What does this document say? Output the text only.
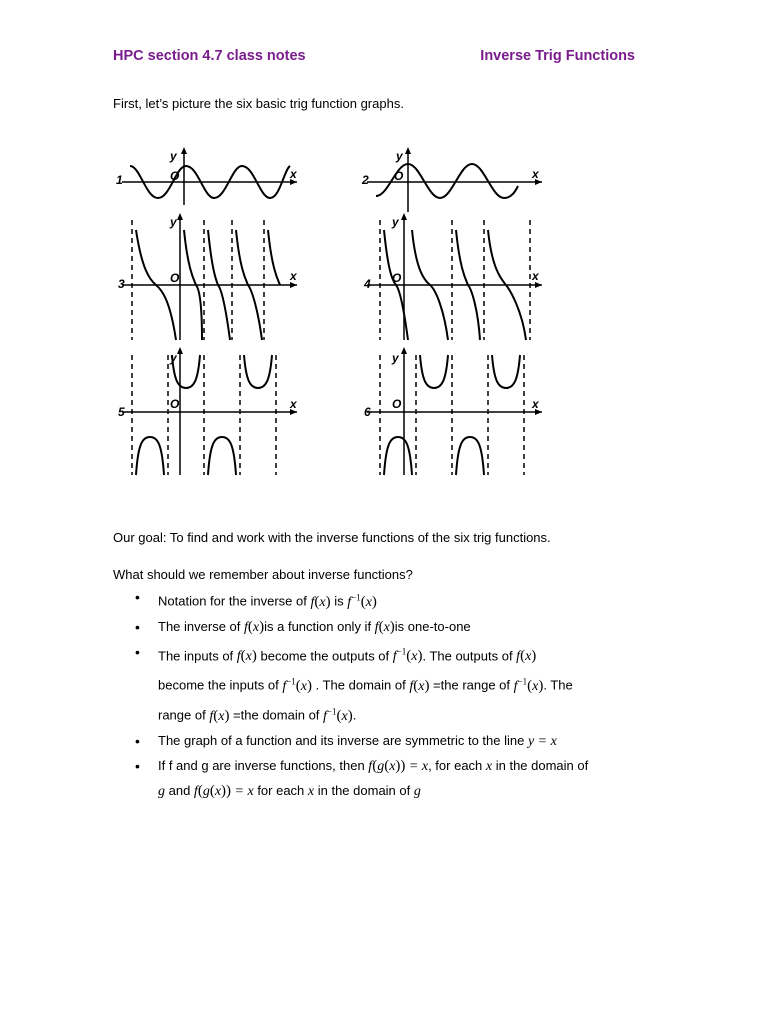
HPC section 4.7 class notes	Inverse Trig Functions
First, let’s picture the six basic trig function graphs.
1
y
O	x	2
y
O	x
3
y
O	x
4
y
O	x
5
y
O	x
6
y
O	x
Our goal: To find and work with the inverse functions of the six trig functions.
What should we remember about inverse functions?
• Notation for the inverse of f(x) is $f^{-1}(x)$
• The inverse of f(x)is a function only if f(x)is one-to-one
• The inputs of f(x) become the outputs of $f^{-1}(x)$. The outputs of f(x)
become the inputs of $f^{-1}(x)$ . The domain of f(x) =the range of $f^{-1}(x)$. The
range of f(x) =the domain of $f^{-1}(x)$.
• The graph of a function and its inverse are symmetric to the line y = x
• If f and g are inverse functions, then f(g(x)) = x, for each x in the domain of
g and f(g(x)) = x for each x in the domain of g
